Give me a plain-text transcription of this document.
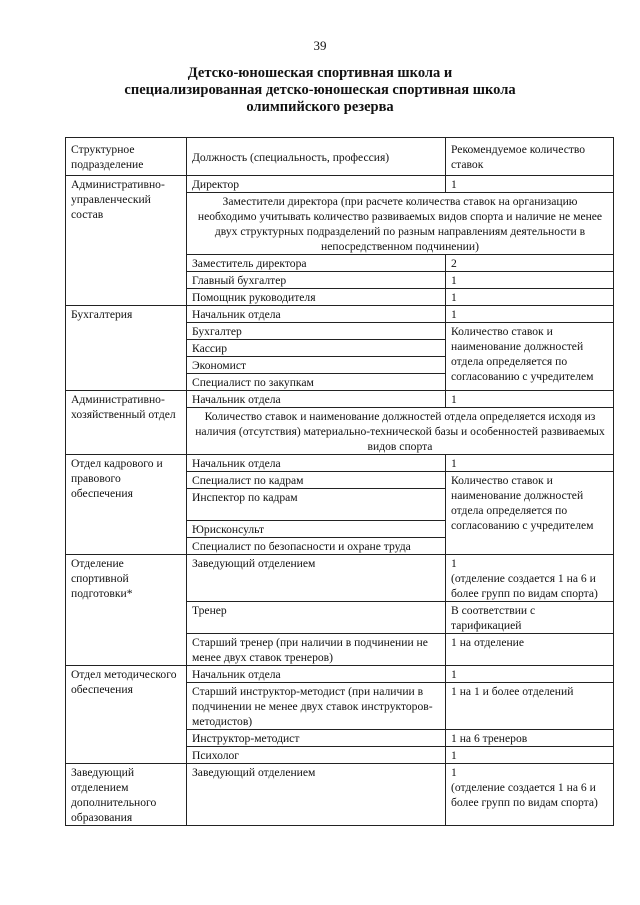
39
Детско-юношеская спортивная школа и
специализированная детско-юношеская спортивная школа
олимпийского резерва
Структурное подразделение	Должность (специальность, профессия)	Рекомендуемое количество ставок
Административно-управленческий состав	Директор	1
	Заместители директора (при расчете количества ставок на организацию необходимо учитывать количество развиваемых видов спорта и наличие не менее двух структурных подразделений по разным направлениям деятельности в непосредственном подчинении)	
	Заместитель директора	2
	Главный бухгалтер	1
	Помощник руководителя	1
Бухгалтерия	Начальник отдела	1
	Бухгалтер	Количество ставок и наименование должностей отдела определяется по согласованию с учредителем
	Кассир	
	Экономист	
	Специалист по закупкам	
Административно-хозяйственный отдел	Начальник отдела	1
	Количество ставок и наименование должностей отдела определяется исходя из наличия (отсутствия) материально-технической базы и особенностей развиваемых видов спорта	
Отдел кадрового и правового обеспечения	Начальник отдела	1
	Специалист по кадрам	Количество ставок и наименование должностей отдела определяется по согласованию с учредителем
	Инспектор по кадрам	
	Юрисконсульт	
	Специалист по безопасности и охране труда	
Отделение спортивной подготовки*	Заведующий отделением	1
(отделение создается 1 на 6 и более групп по видам спорта)
	Тренер	В соответствии с тарификацией
	Старший тренер (при наличии в подчинении не менее двух ставок тренеров)	1 на отделение
Отдел методического обеспечения	Начальник отдела	1
	Старший инструктор-методист (при наличии в подчинении не менее двух ставок инструкторов-методистов)	1 на 1 и более отделений
	Инструктор-методист	1 на 6 тренеров
	Психолог	1
Заведующий отделением дополнительного образования	Заведующий отделением	1
(отделение создается 1 на 6 и более групп по видам спорта)
